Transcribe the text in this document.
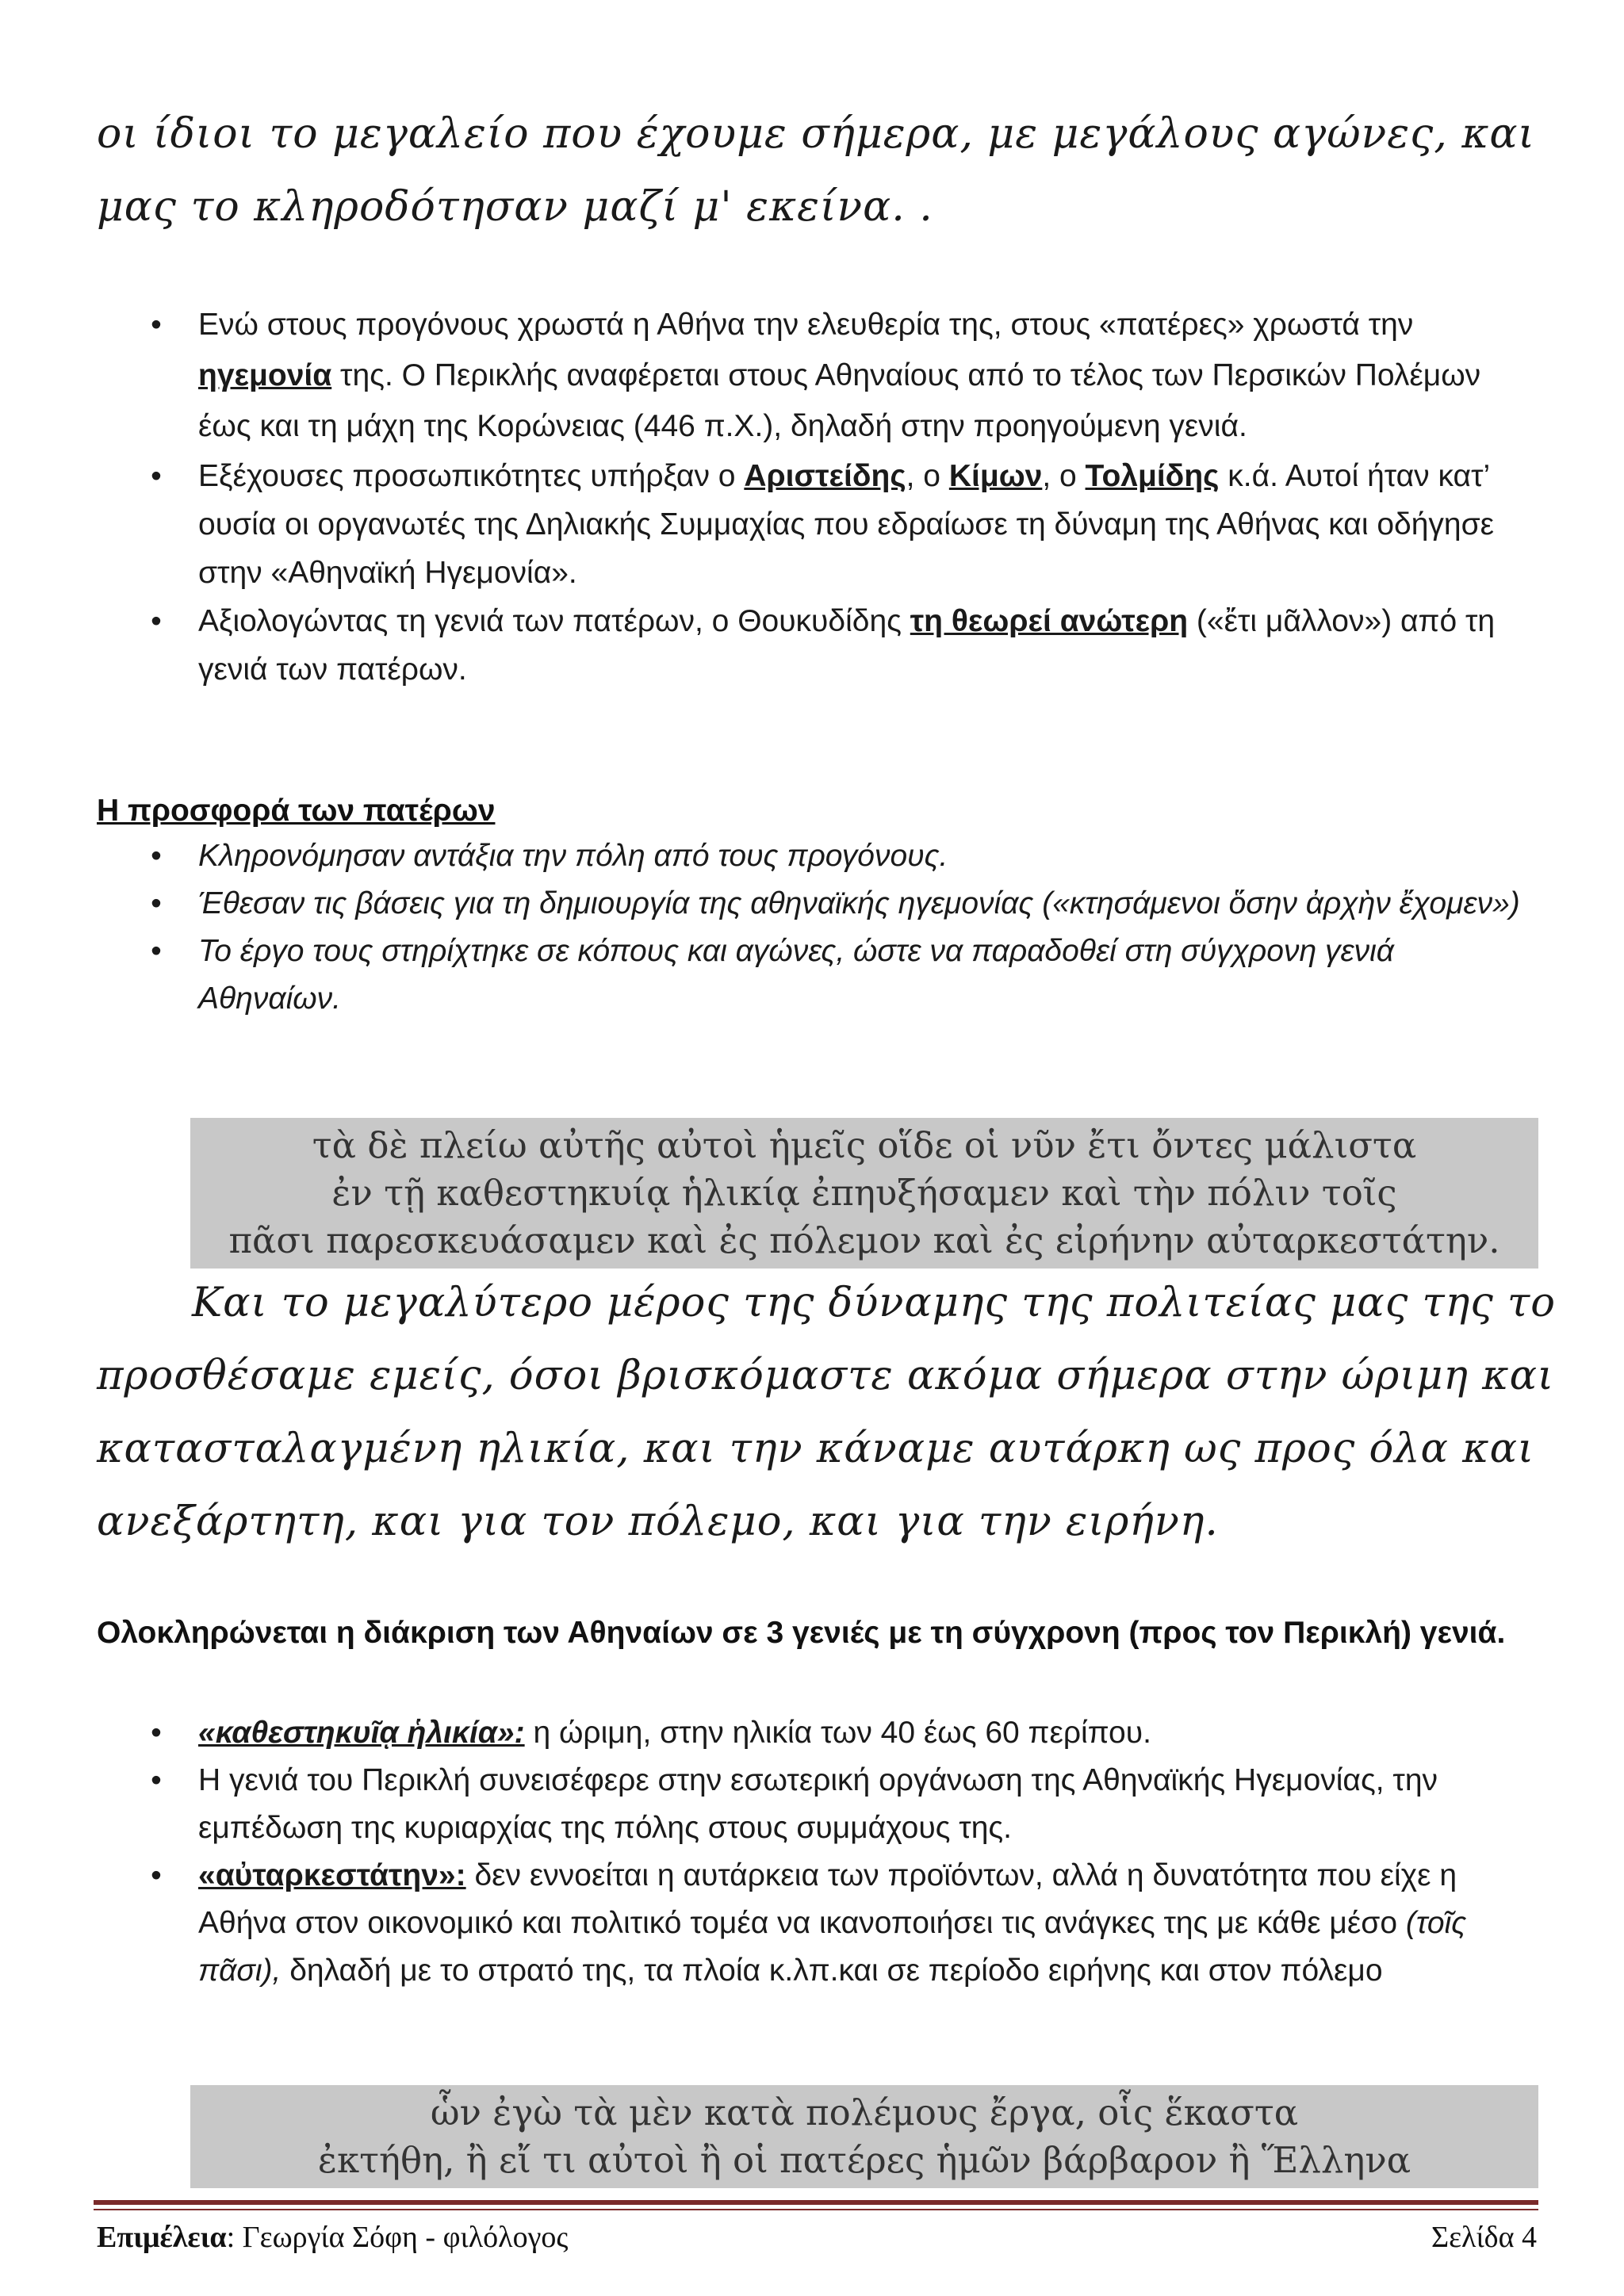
οι ίδιοι το μεγαλείο που έχουμε σήμερα, με μεγάλους αγώνες, και
μας το κληροδότησαν μαζί μ' εκείνα. .
• Ενώ στους προγόνους χρωστά η Αθήνα την ελευθερία της, στους «πατέρες» χρωστά την ηγεμονία της. Ο Περικλής αναφέρεται στους Αθηναίους από το τέλος των Περσικών Πολέμων έως και τη μάχη της Κορώνειας (446 π.Χ.), δηλαδή στην προηγούμενη γενιά.
• Εξέχουσες προσωπικότητες υπήρξαν ο Αριστείδης, ο Κίμων, ο Τολμίδης κ.ά. Αυτοί ήταν κατ’ ουσία οι οργανωτές της Δηλιακής Συμμαχίας που εδραίωσε τη δύναμη της Αθήνας και οδήγησε στην «Αθηναϊκή Ηγεμονία».
• Αξιολογώντας τη γενιά των πατέρων, ο Θουκυδίδης τη θεωρεί ανώτερη («ἔτι μᾶλλον») από τη γενιά των πατέρων.
Η προσφορά των πατέρων
• Κληρονόμησαν αντάξια την πόλη από τους προγόνους.
• Έθεσαν τις βάσεις για τη δημιουργία της αθηναϊκής ηγεμονίας («κτησάμενοι ὅσην ἀρχὴν ἔχομεν»)
• Το έργο τους στηρίχτηκε σε κόπους και αγώνες, ώστε να παραδοθεί στη σύγχρονη γενιά Αθηναίων.
τὰ δὲ πλείω αὐτῆς αὐτοὶ ἡμεῖς οἵδε οἱ νῦν ἔτι ὄντες μάλιστα
ἐν τῇ καθεστηκυίᾳ ἡλικίᾳ ἐπηυξήσαμεν καὶ τὴν πόλιν τοῖς
πᾶσι παρεσκευάσαμεν καὶ ἐς πόλεμον καὶ ἐς εἰρήνην αὐταρκεστάτην.
Και το μεγαλύτερο μέρος της δύναμης της πολιτείας μας της το
προσθέσαμε εμείς, όσοι βρισκόμαστε ακόμα σήμερα στην ώριμη και
κατασταλαγμένη ηλικία, και την κάναμε αυτάρκη ως προς όλα και
ανεξάρτητη, και για τον πόλεμο, και για την ειρήνη.
Ολοκληρώνεται η διάκριση των Αθηναίων σε 3 γενιές με τη σύγχρονη (προς τον Περικλή) γενιά.
• «καθεστηκυῖᾳ ἡλικία»: η ώριμη, στην ηλικία των 40 έως 60 περίπου.
• Η γενιά του Περικλή συνεισέφερε στην εσωτερική οργάνωση της Αθηναϊκής Ηγεμονίας, την εμπέδωση της κυριαρχίας της πόλης στους συμμάχους της.
• «αὐταρκεστάτην»: δεν εννοείται η αυτάρκεια των προϊόντων, αλλά η δυνατότητα που είχε η Αθήνα στον οικονομικό και πολιτικό τομέα να ικανοποιήσει τις ανάγκες της με κάθε μέσο (τοῖς πᾶσι), δηλαδή με το στρατό της, τα πλοία κ.λπ.και σε περίοδο ειρήνης και στον πόλεμο
ὧν ἐγὼ τὰ μὲν κατὰ πολέμους ἔργα, οἷς ἕκαστα
ἐκτήθη, ἢ εἴ τι αὐτοὶ ἢ οἱ πατέρες ἡμῶν βάρβαρον ἢ Ἕλληνα
Επιμέλεια: Γεωργία Σόφη - φιλόλογος	Σελίδα 4
